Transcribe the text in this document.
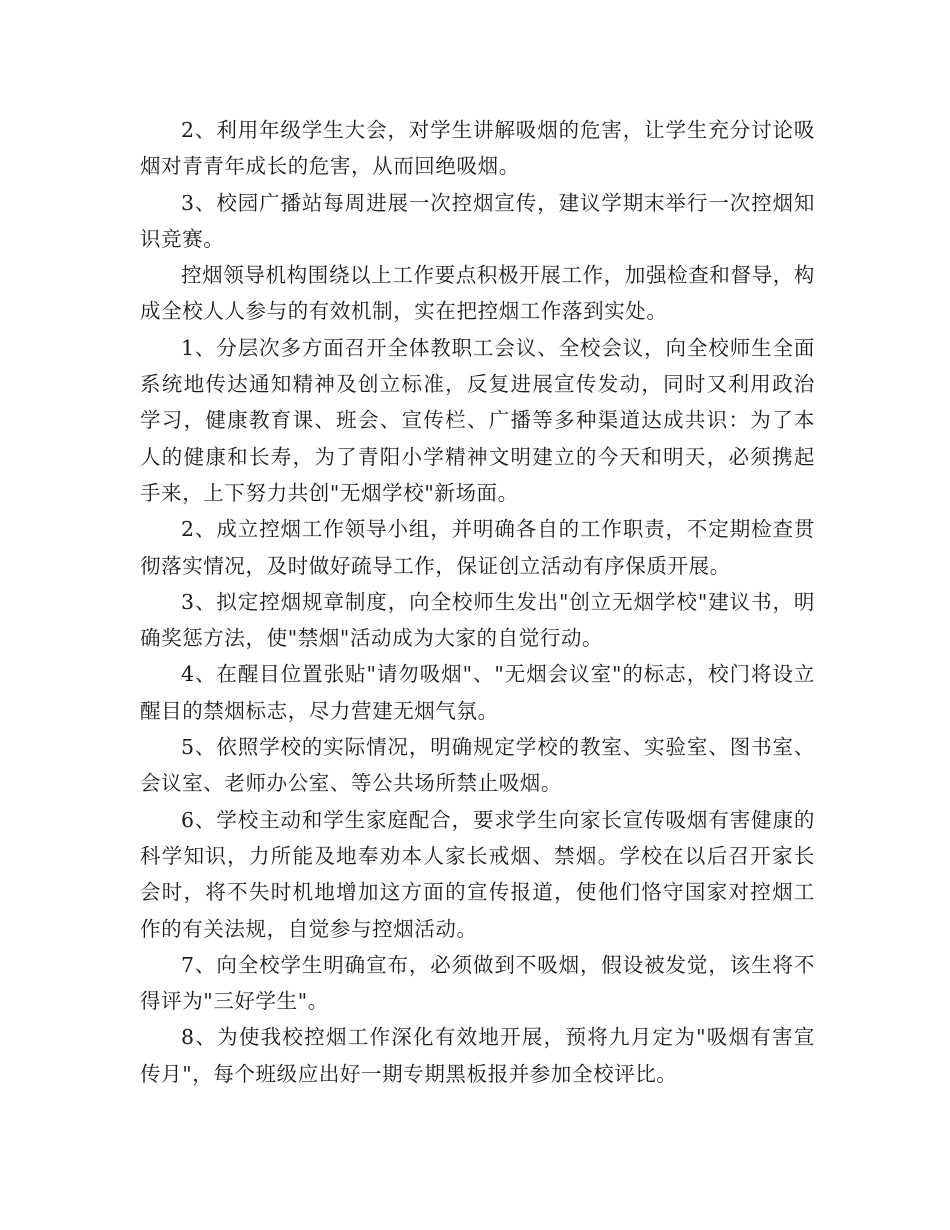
2、利用年级学生大会，对学生讲解吸烟的危害，让学生充分讨论吸烟对青青年成长的危害，从而回绝吸烟。

3、校园广播站每周进展一次控烟宣传，建议学期末举行一次控烟知识竞赛。

控烟领导机构围绕以上工作要点积极开展工作，加强检查和督导，构成全校人人参与的有效机制，实在把控烟工作落到实处。

1、分层次多方面召开全体教职工会议、全校会议，向全校师生全面系统地传达通知精神及创立标准，反复进展宣传发动，同时又利用政治学习，健康教育课、班会、宣传栏、广播等多种渠道达成共识：为了本人的健康和长寿，为了青阳小学精神文明建立的今天和明天，必须携起手来，上下努力共创"无烟学校"新场面。

2、成立控烟工作领导小组，并明确各自的工作职责，不定期检查贯彻落实情况，及时做好疏导工作，保证创立活动有序保质开展。

3、拟定控烟规章制度，向全校师生发出"创立无烟学校"建议书，明确奖惩方法，使"禁烟"活动成为大家的自觉行动。

4、在醒目位置张贴"请勿吸烟"、"无烟会议室"的标志，校门将设立醒目的禁烟标志，尽力营建无烟气氛。

5、依照学校的实际情况，明确规定学校的教室、实验室、图书室、会议室、老师办公室、等公共场所禁止吸烟。

6、学校主动和学生家庭配合，要求学生向家长宣传吸烟有害健康的科学知识，力所能及地奉劝本人家长戒烟、禁烟。学校在以后召开家长会时，将不失时机地增加这方面的宣传报道，使他们恪守国家对控烟工作的有关法规，自觉参与控烟活动。

7、向全校学生明确宣布，必须做到不吸烟，假设被发觉，该生将不得评为"三好学生"。

8、为使我校控烟工作深化有效地开展，预将九月定为"吸烟有害宣传月"，每个班级应出好一期专期黑板报并参加全校评比。
